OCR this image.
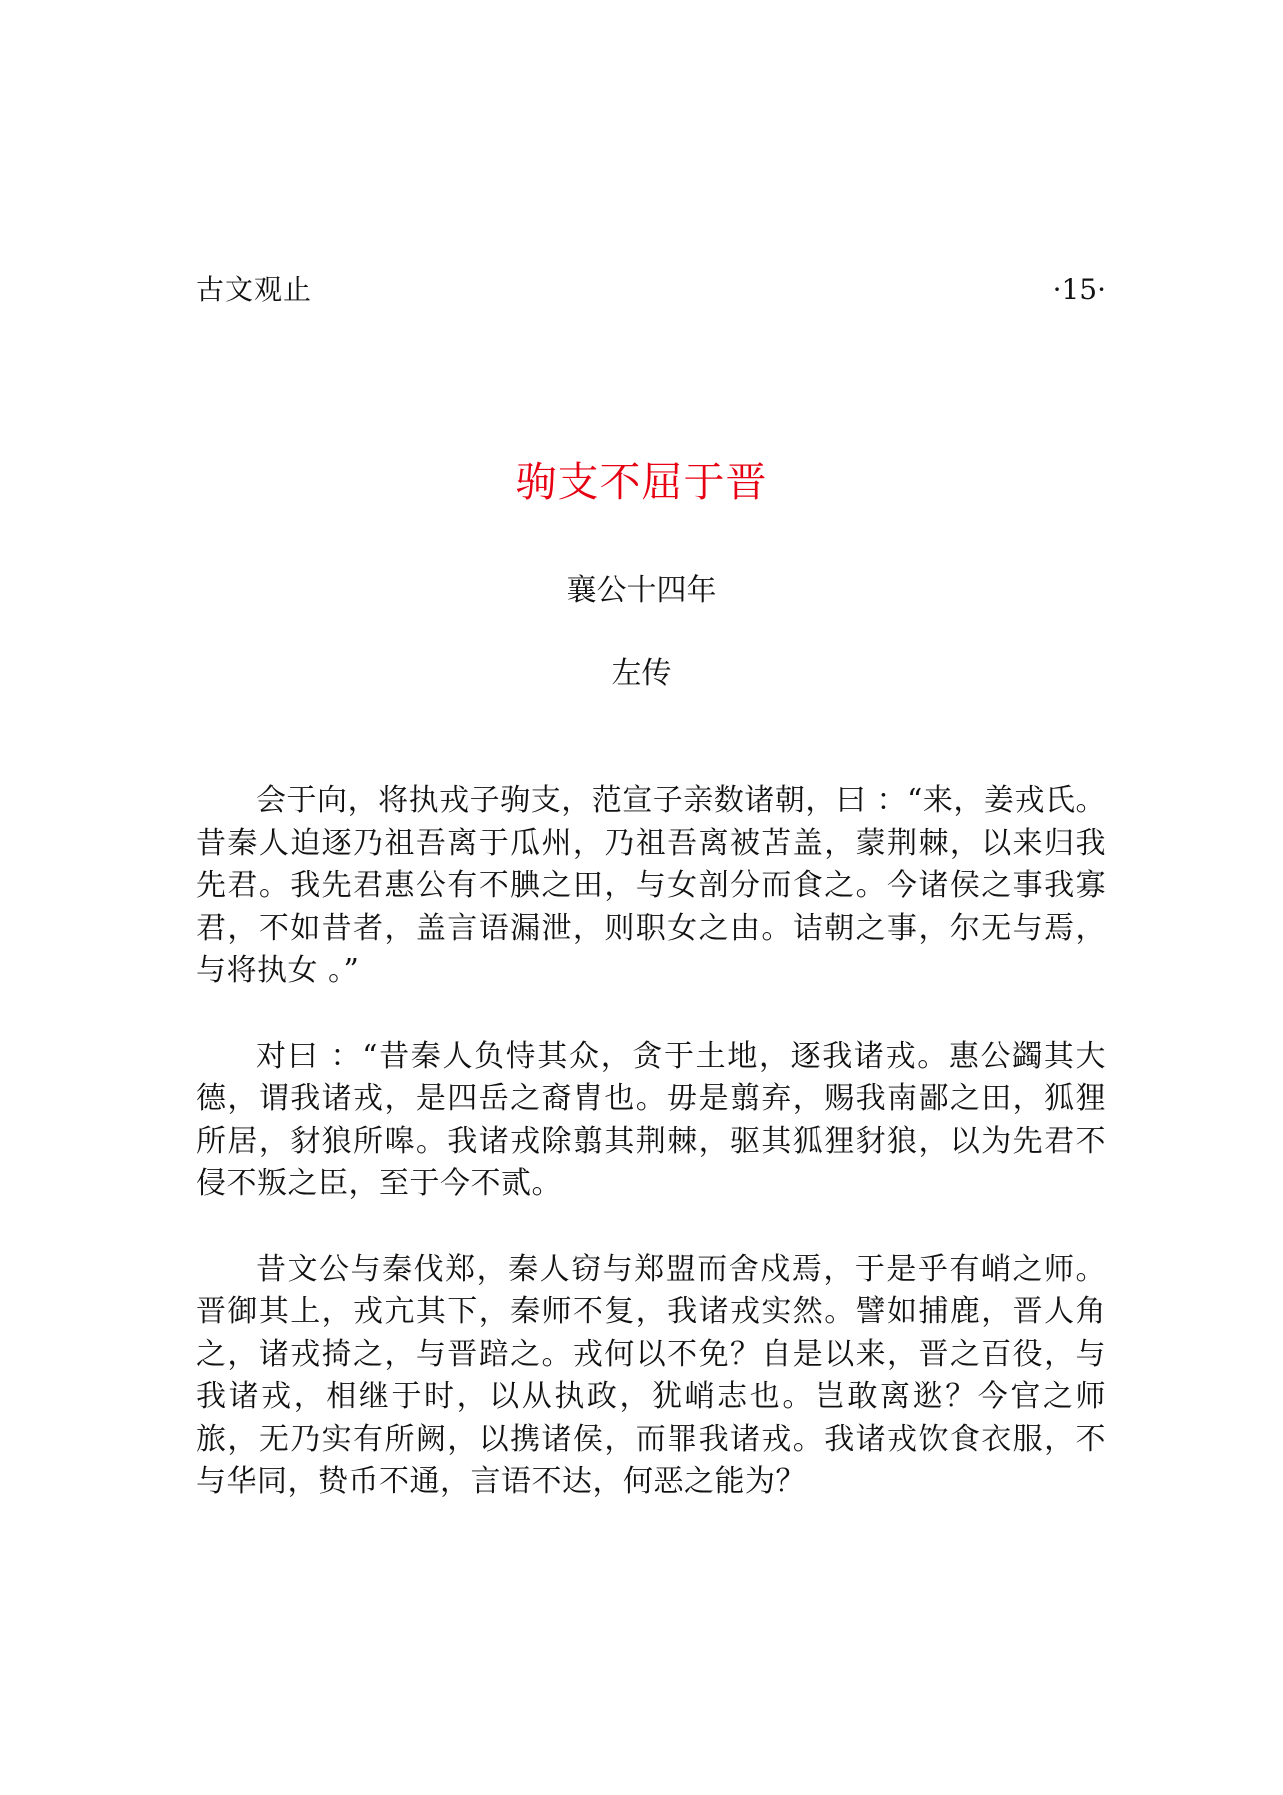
古文观止	·15·
驹支不屈于晋
襄公十四年
左传

会于向，将执戎子驹支，范宣子亲数诸朝，曰 ：“来，姜戎氏。昔秦人迫逐乃祖吾离于瓜州，乃祖吾离被苫盖，蒙荆棘，以来归我先君。我先君惠公有不腆之田，与女剖分而食之。今诸侯之事我寡君，不如昔者，盖言语漏泄，则职女之由。诘朝之事，尔无与焉，与将执女 。”

对曰 ：“昔秦人负恃其众，贪于土地，逐我诸戎。惠公蠲其大德，谓我诸戎，是四岳之裔胄也。毋是翦弃，赐我南鄙之田，狐狸所居，豺狼所嗥。我诸戎除翦其荆棘，驱其狐狸豺狼，以为先君不侵不叛之臣，至于今不贰。

昔文公与秦伐郑，秦人窃与郑盟而舍戍焉，于是乎有峭之师。晋御其上，戎亢其下，秦师不复，我诸戎实然。譬如捕鹿，晋人角之，诸戎掎之，与晋踣之。戎何以不免？自是以来，晋之百役，与我诸戎，相继于时，以从执政，犹峭志也。岂敢离逖？今官之师旅，无乃实有所阙，以携诸侯，而罪我诸戎。我诸戎饮食衣服，不与华同，贽币不通，言语不达，何恶之能为？
